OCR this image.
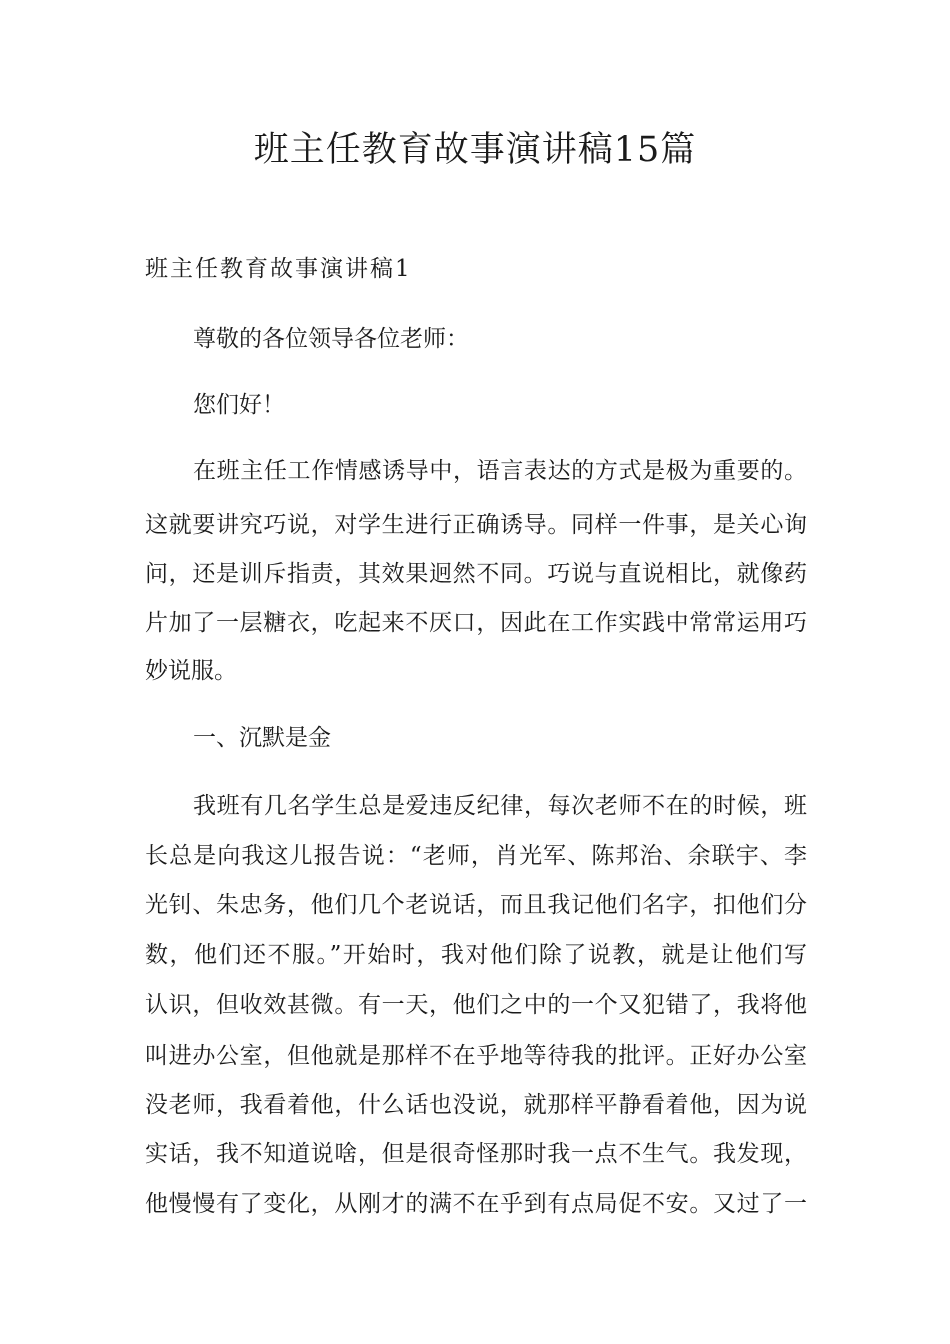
班主任教育故事演讲稿15篇
班主任教育故事演讲稿1

尊敬的各位领导各位老师：

您们好！

在班主任工作情感诱导中，语言表达的方式是极为重要的。

这就要讲究巧说，对学生进行正确诱导。同样一件事，是关心询

问，还是训斥指责，其效果迥然不同。巧说与直说相比，就像药

片加了一层糖衣，吃起来不厌口，因此在工作实践中常常运用巧

妙说服。

一、沉默是金

我班有几名学生总是爱违反纪律，每次老师不在的时候，班

长总是向我这儿报告说：“老师，肖光军、陈邦治、余联宇、李

光钊、朱忠务，他们几个老说话，而且我记他们名字，扣他们分

数，他们还不服。”开始时，我对他们除了说教，就是让他们写

认识，但收效甚微。有一天，他们之中的一个又犯错了，我将他

叫进办公室，但他就是那样不在乎地等待我的批评。正好办公室

没老师，我看着他，什么话也没说，就那样平静看着他，因为说

实话，我不知道说啥，但是很奇怪那时我一点不生气。我发现，

他慢慢有了变化，从刚才的满不在乎到有点局促不安。又过了一
